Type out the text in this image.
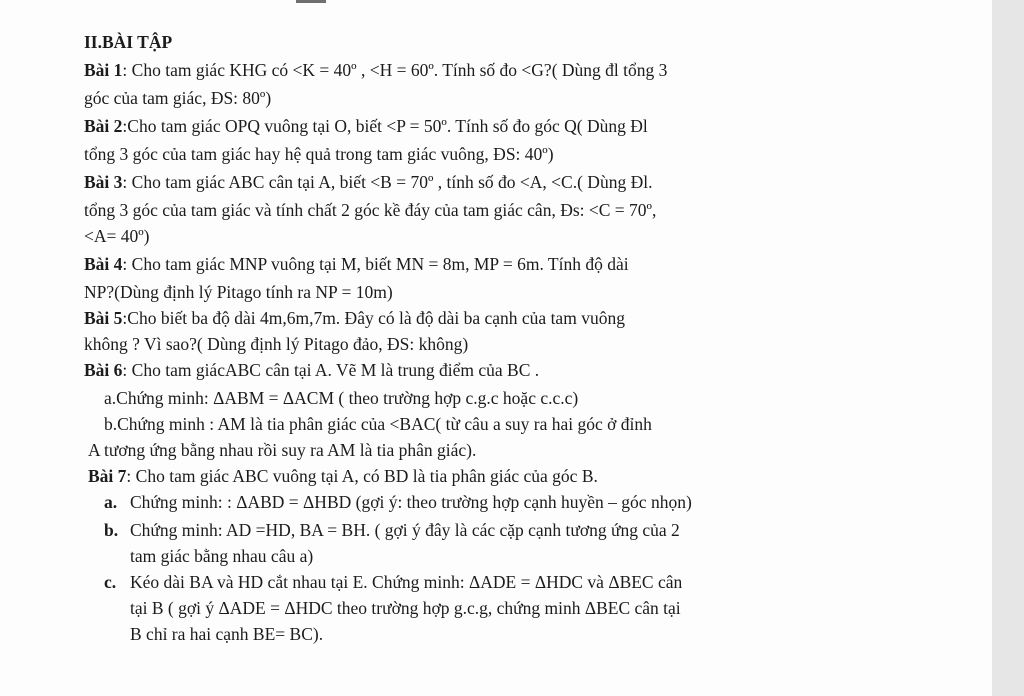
II.BÀI TẬP
Bài 1: Cho tam giác KHG có <K = 40º , <H = 60º. Tính số đo <G?( Dùng đl tổng 3
góc của tam giác, ĐS: 80º)
Bài 2:Cho tam giác OPQ vuông tại O, biết <P = 50º. Tính số đo góc Q( Dùng Đl
tổng 3 góc của tam giác hay hệ quả trong tam giác vuông, ĐS: 40º)
Bài 3: Cho tam giác ABC cân tại A, biết <B = 70º , tính số đo <A, <C.( Dùng Đl.
tổng 3 góc của tam giác và tính chất 2 góc kề đáy của tam giác cân, Đs: <C = 70º,
<A= 40º)
Bài 4: Cho tam giác MNP vuông tại M, biết MN = 8m, MP = 6m. Tính độ dài
NP?(Dùng định lý Pitago tính ra NP = 10m)
Bài 5:Cho biết ba độ dài 4m,6m,7m. Đây có là độ dài ba cạnh của tam vuông
không ? Vì sao?( Dùng định lý Pitago đảo, ĐS: không)
Bài 6: Cho tam giácABC cân tại A. Vẽ M là trung điểm của BC .
a.Chứng minh: ΔABM = ΔACM ( theo trường hợp c.g.c hoặc c.c.c)
b.Chứng minh : AM là tia phân giác của <BAC( từ câu a suy ra hai góc ở đỉnh
A tương ứng bằng nhau rồi suy ra AM là tia phân giác).
Bài 7: Cho tam giác ABC vuông tại A, có BD là tia phân giác của góc B.
a. Chứng minh: : ΔABD = ΔHBD (gợi ý: theo trường hợp cạnh huyền – góc nhọn)
b. Chứng minh: AD =HD, BA = BH. ( gợi ý đây là các cặp cạnh tương ứng của 2
tam giác bằng nhau câu a)
c. Kéo dài BA và HD cắt nhau tại E. Chứng minh: ΔADE = ΔHDC và ΔBEC cân
tại B ( gợi ý ΔADE = ΔHDC theo trường hợp g.c.g, chứng minh ΔBEC cân tại
B chỉ ra hai cạnh BE= BC).
